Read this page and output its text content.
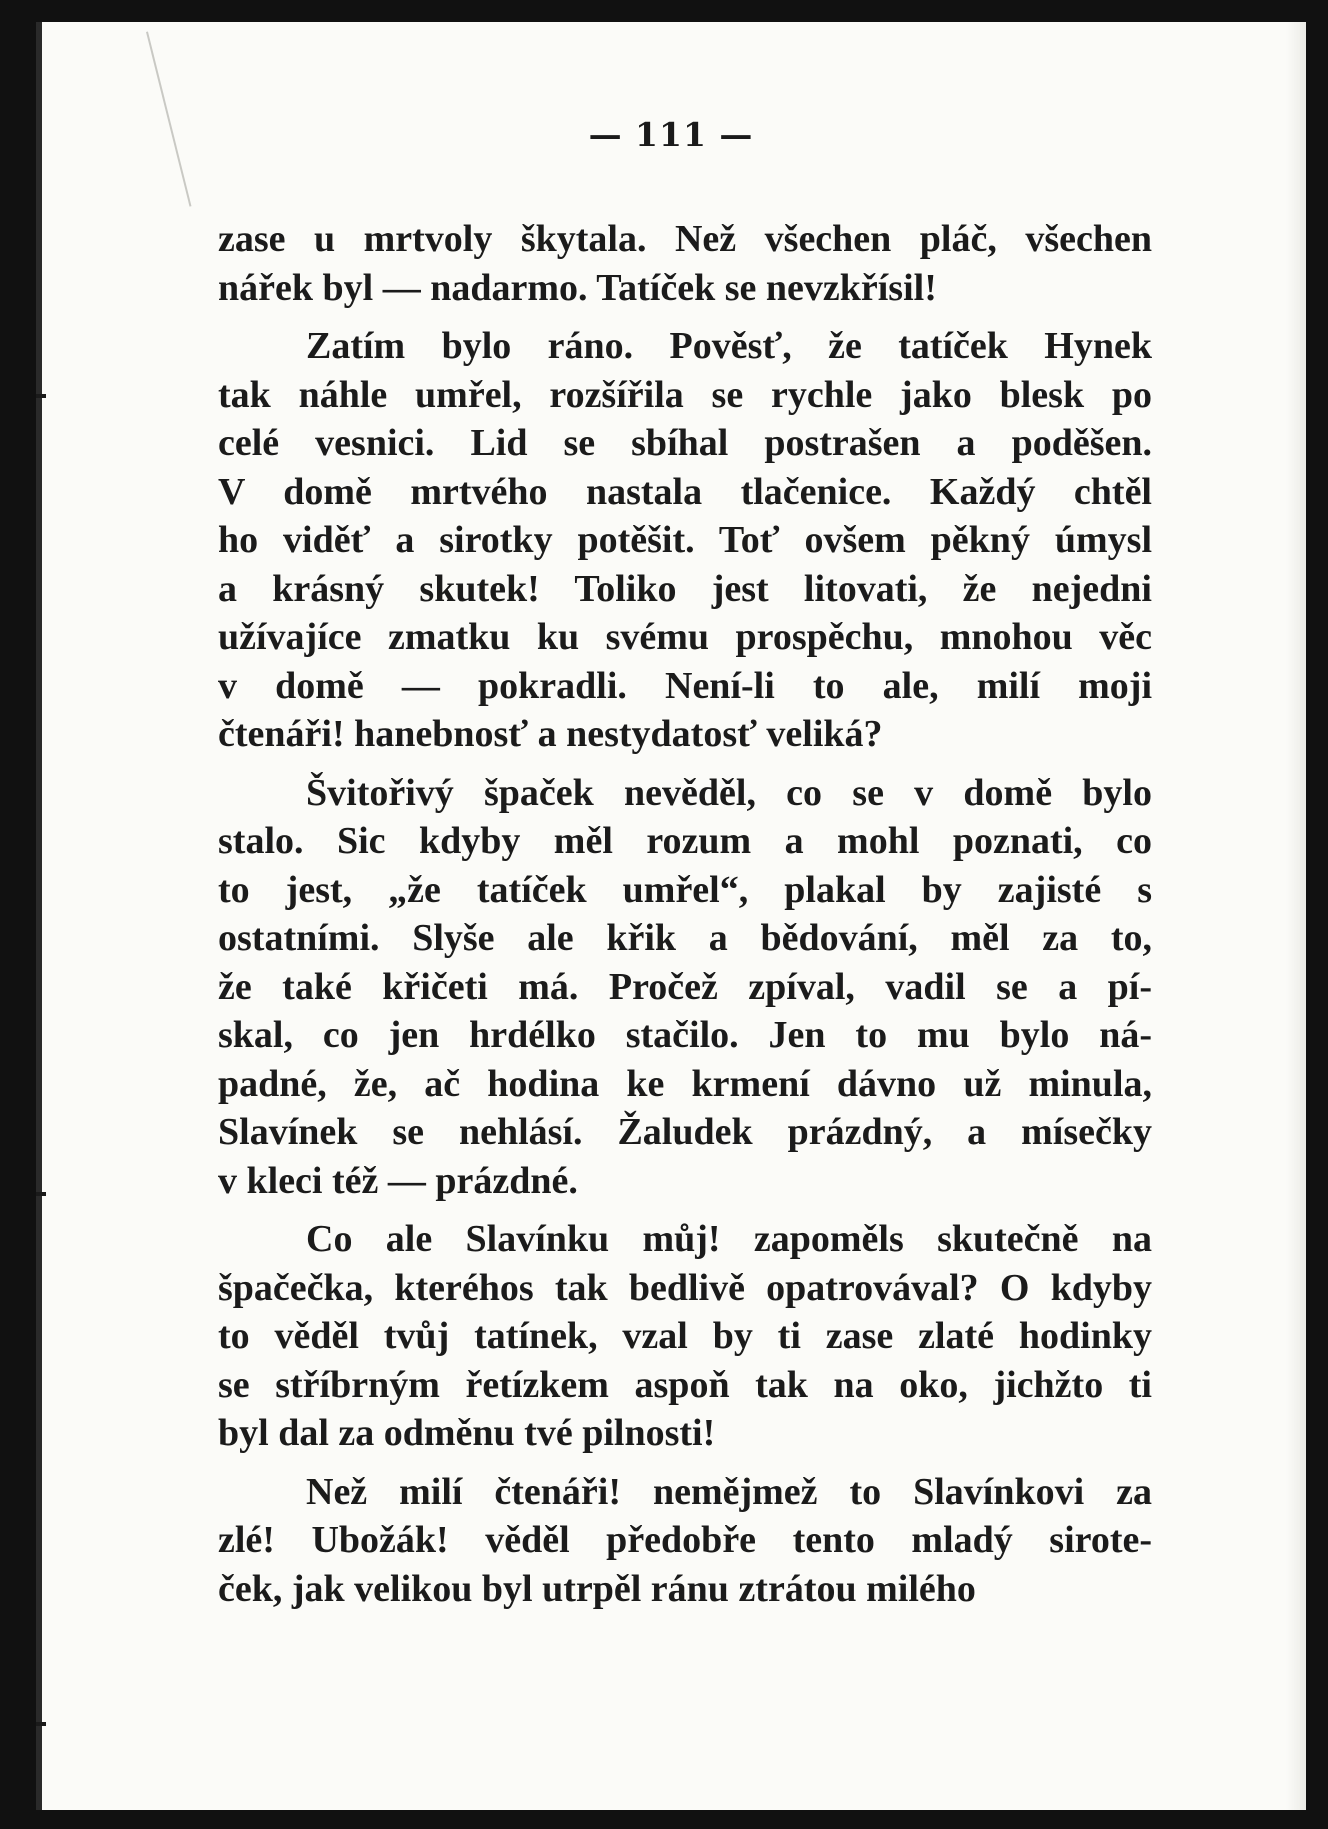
— 111 —
zase u mrtvoly škytala. Než všechen pláč, všechen
nářek byl — nadarmo. Tatíček se nevzkřísil!
Zatím bylo ráno. Pověsť, že tatíček Hynek
tak náhle umřel, rozšířila se rychle jako blesk po
celé vesnici. Lid se sbíhal postrašen a poděšen.
V domě mrtvého nastala tlačenice. Každý chtěl
ho viděť a sirotky potěšit. Toť ovšem pěkný úmysl
a krásný skutek! Toliko jest litovati, že nejedni
užívajíce zmatku ku svému prospěchu, mnohou věc
v domě — pokradli. Není-li to ale, milí moji
čtenáři! hanebnosť a nestydatosť veliká?
Švitořivý špaček nevěděl, co se v domě bylo
stalo. Sic kdyby měl rozum a mohl poznati, co
to jest, „že tatíček umřel“, plakal by zajisté s
ostatními. Slyše ale křik a bědování, měl za to,
že také křičeti má. Pročež zpíval, vadil se a pí-
skal, co jen hrdélko stačilo. Jen to mu bylo ná-
padné, že, ač hodina ke krmení dávno už minula,
Slavínek se nehlásí. Žaludek prázdný, a mísečky
v kleci též — prázdné.
Co ale Slavínku můj! zapoměls skutečně na
špačečka, kteréhos tak bedlivě opatrovával? O kdyby
to věděl tvůj tatínek, vzal by ti zase zlaté hodinky
se stříbrným řetízkem aspoň tak na oko, jichžto ti
byl dal za odměnu tvé pilnosti!
Než milí čtenáři! nemějmež to Slavínkovi za
zlé! Ubožák! věděl předobře tento mladý sirote-
ček, jak velikou byl utrpěl ránu ztrátou milého
